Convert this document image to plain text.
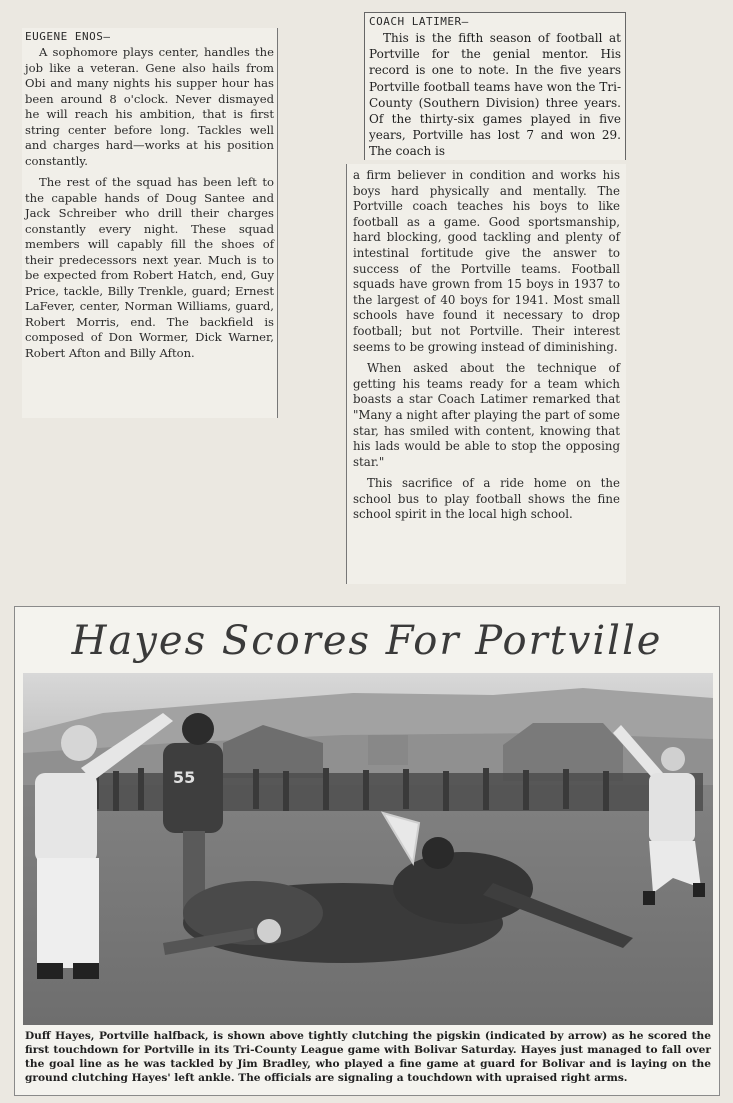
EUGENE ENOS—

A sophomore plays center, handles the job like a veteran. Gene also hails from Obi and many nights his supper hour has been around 8 o'clock. Never dismayed he will reach his ambition, that is first string center before long. Tackles well and charges hard—works at his position constantly.

The rest of the squad has been left to the capable hands of Doug Santee and Jack Schreiber who drill their charges constantly every night. These squad members will capably fill the shoes of their predecessors next year. Much is to be expected from Robert Hatch, end, Guy Price, tackle, Billy Trenkle, guard; Ernest LaFever, center, Norman Williams, guard, Robert Morris, end. The backfield is composed of Don Wormer, Dick Warner, Robert Afton and Billy Afton.

COACH LATIMER—

This is the fifth season of football at Portville for the genial mentor. His record is one to note. In the five years Portville football teams have won the Tri-County (Southern Division) three years. Of the thirty-six games played in five years, Portville has lost 7 and won 29. The coach is

a firm believer in condition and works his boys hard physically and mentally. The Portville coach teaches his boys to like football as a game. Good sportsmanship, hard blocking, good tackling and plenty of intestinal fortitude give the answer to success of the Portville teams. Football squads have grown from 15 boys in 1937 to the largest of 40 boys for 1941. Most small schools have found it necessary to drop football; but not Portville. Their interest seems to be growing instead of diminishing.

When asked about the technique of getting his teams ready for a team which boasts a star Coach Latimer remarked that "Many a night after playing the part of some star, has smiled with content, knowing that his lads would be able to stop the opposing star."

This sacrifice of a ride home on the school bus to play football shows the fine school spirit in the local high school.

Hayes Scores For Portville
55
Duff Hayes, Portville halfback, is shown above tightly clutching the pigskin (indicated by arrow) as he scored the first touchdown for Portville in its Tri-County League game with Bolivar Saturday. Hayes just managed to fall over the goal line as he was tackled by Jim Bradley, who played a fine game at guard for Bolivar and is laying on the ground clutching Hayes' left ankle. The officials are signaling a touchdown with upraised right arms.
